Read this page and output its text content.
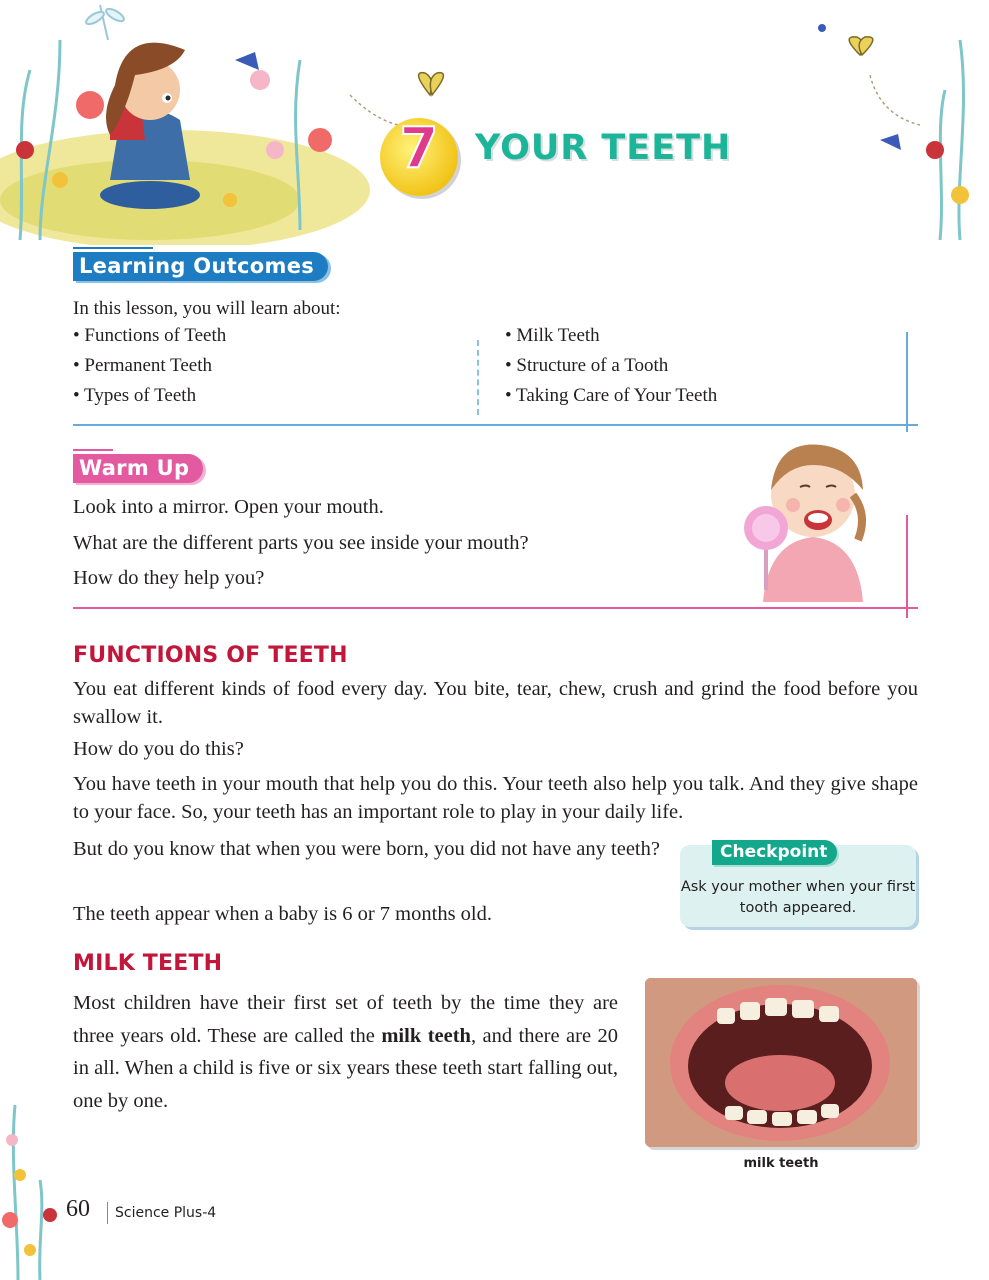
7	YOUR TEETH
Learning Outcomes
In this lesson, you will learn about:
• Functions of Teeth
• Permanent Teeth
• Types of Teeth
• Milk Teeth
• Structure of a Tooth
• Taking Care of Your Teeth
Warm Up

Look into a mirror. Open your mouth.

What are the different parts you see inside your mouth?

How do they help you?

FUNCTIONS OF TEETH

You eat different kinds of food every day. You bite, tear, chew, crush and grind the food before you swallow it.

How do you do this?

You have teeth in your mouth that help you do this. Your teeth also help you talk. And they give shape to your face. So, your teeth has an important role to play in your daily life.

But do you know that when you were born, you did not have any teeth?

The teeth appear when a baby is 6 or 7 months old.

Checkpoint
Ask your mother when your first tooth appeared.
MILK TEETH

Most children have their first set of teeth by the time they are three years old. These are called the milk teeth, and there are 20 in all. When a child is five or six years these teeth start falling out, one by one.

milk teeth
60 Science Plus-4
